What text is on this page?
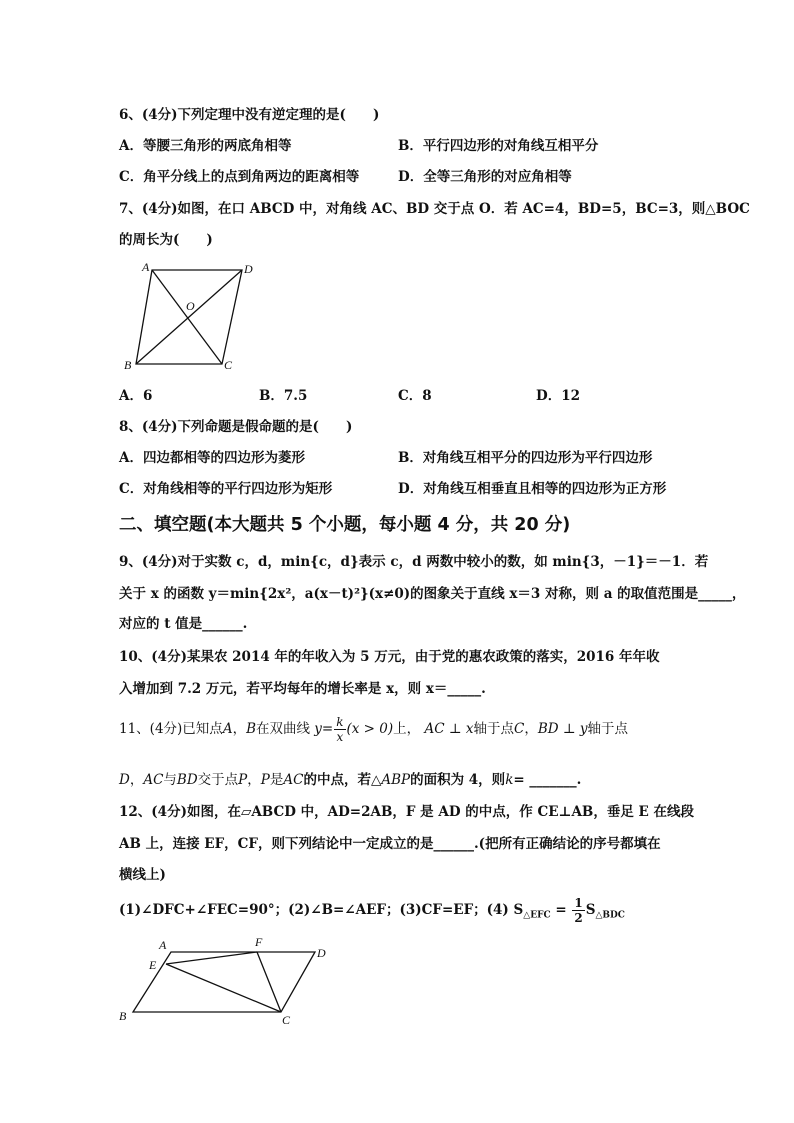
6、(4分)下列定理中没有逆定理的是(　　)
A．等腰三角形的两底角相等	B．平行四边形的对角线互相平分
C．角平分线上的点到角两边的距离相等	D．全等三角形的对应角相等
7、(4分)如图，在口 ABCD 中，对角线 AC、BD 交于点 O．若 AC=4，BD=5，BC=3，则△BOC
的周长为(　　)
A	D
O
B	C
A．6	B．7.5	C．8	D．12
8、(4分)下列命题是假命题的是(　　)
A．四边都相等的四边形为菱形	B．对角线互相平分的四边形为平行四边形
C．对角线相等的平行四边形为矩形	D．对角线互相垂直且相等的四边形为正方形
二、填空题(本大题共 5 个小题，每小题 4 分，共 20 分)
9、(4分)对于实数 c，d，min{c，d}表示 c，d 两数中较小的数，如 min{3，－1}＝－1．若
关于 x 的函数 y＝min{2x²，a(x－t)²}(x≠0)的图象关于直线 x＝3 对称，则 a 的取值范围是_____，
对应的 t 值是______.
10、(4分)某果农 2014 年的年收入为 5 万元，由于党的惠农政策的落实，2016 年年收
入增加到 7.2 万元，若平均每年的增长率是 x，则 x＝_____.
11、(4分)已知点A，B在双曲线 $y= \frac{k}{x} (x > 0)$上， AC ⊥ x轴于点C，BD ⊥ y轴于点
D，AC与BD交于点P，P是AC的中点，若△ABP的面积为 4，则k= _______.
12、(4分)如图，在▱ABCD 中，AD=2AB，F 是 AD 的中点，作 CE⊥AB，垂足 E 在线段
AB 上，连接 EF，CF，则下列结论中一定成立的是______.(把所有正确结论的序号都填在
横线上)
(1)∠DFC+∠FEC=90°；(2)∠B=∠AEF；(3)CF=EF；(4) $S_{\triangle EFC} = \frac{1}{2} S_{\triangle BDC}$
A	F
D
E
B	C
